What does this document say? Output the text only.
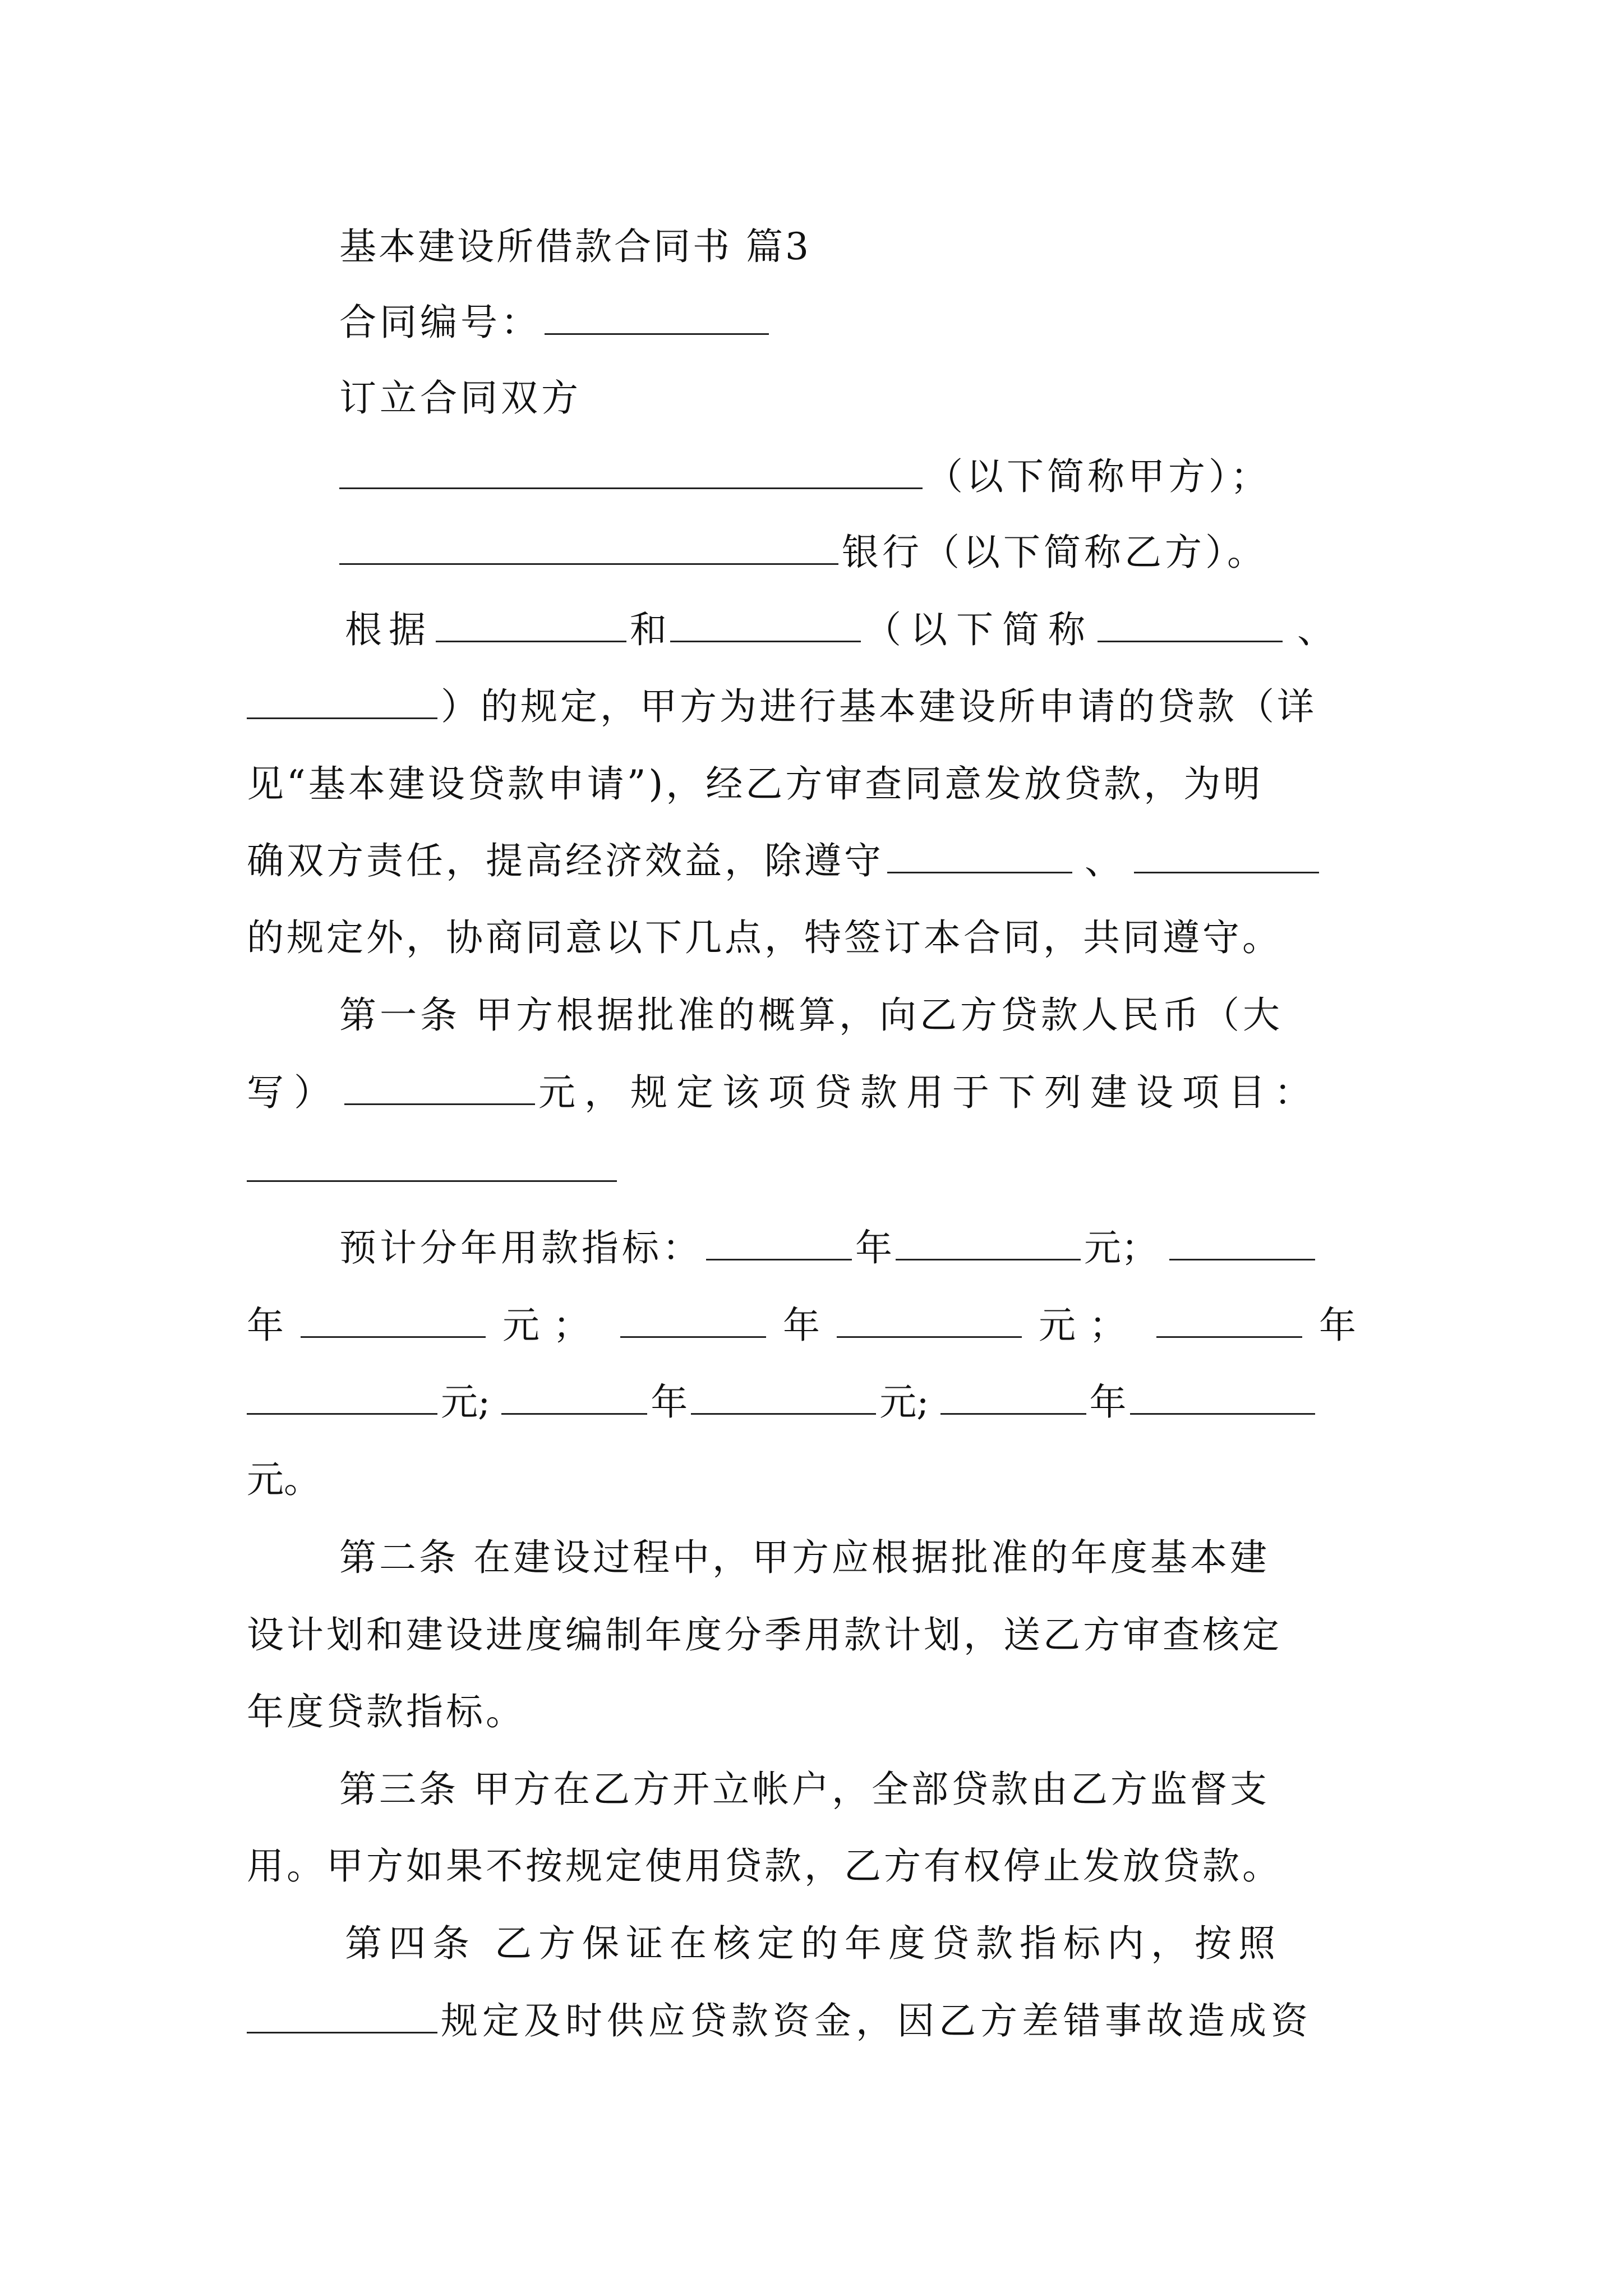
基本建设所借款合同书 篇3
合同编号：
订立合同双方
（以下简称甲方）；
银行（以下简称乙方）。
根据	和	（以下简称	、
）的规定，甲方为进行基本建设所申请的贷款（详
见“基本建设贷款申请”)，经乙方审查同意发放贷款，为明
确双方责任，提高经济效益，除遵守	、
的规定外，协商同意以下几点，特签订本合同，共同遵守。
第一条 甲方根据批准的概算，向乙方贷款人民币（大
写）	元，规定该项贷款用于下列建设项目：
预计分年用款指标：	年	元；
年	元；	年	元；	年
元;	年	元;	年
元。
第二条 在建设过程中，甲方应根据批准的年度基本建
设计划和建设进度编制年度分季用款计划，送乙方审查核定
年度贷款指标。
第三条 甲方在乙方开立帐户，全部贷款由乙方监督支
用。甲方如果不按规定使用贷款，乙方有权停止发放贷款。
第四条 乙方保证在核定的年度贷款指标内，按照
规定及时供应贷款资金，因乙方差错事故造成资
